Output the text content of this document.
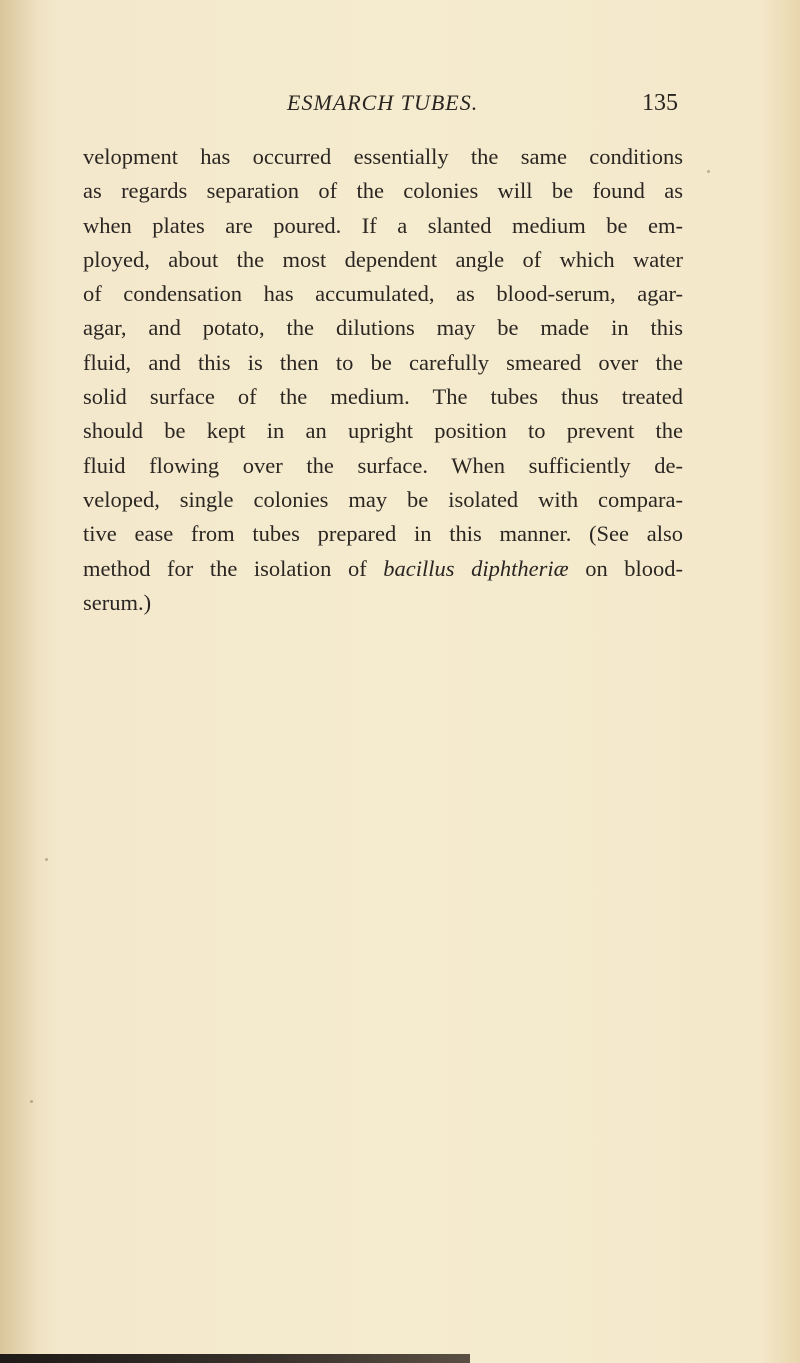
ESMARCH TUBES.	135
velopment has occurred essentially the same conditions
as regards separation of the colonies will be found as
when plates are poured. If a slanted medium be em-
ployed, about the most dependent angle of which water
of condensation has accumulated, as blood-serum, agar-
agar, and potato, the dilutions may be made in this
fluid, and this is then to be carefully smeared over the
solid surface of the medium. The tubes thus treated
should be kept in an upright position to prevent the
fluid flowing over the surface. When sufficiently de-
veloped, single colonies may be isolated with compara-
tive ease from tubes prepared in this manner. (See also
method for the isolation of bacillus diphtheriæ on blood-
serum.)
